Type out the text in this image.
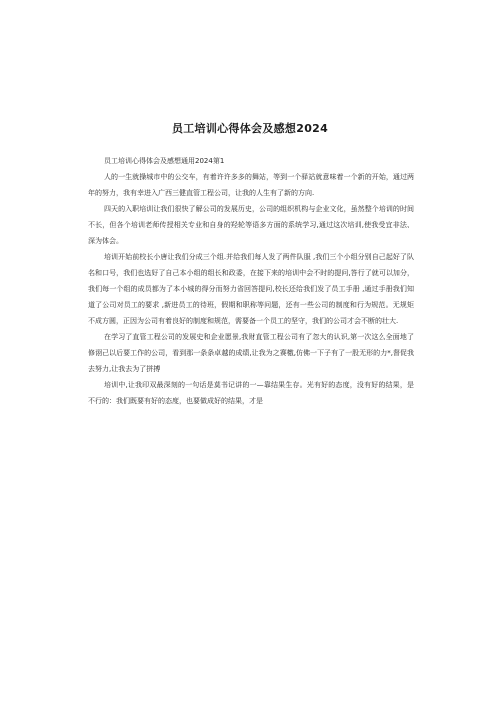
员工培训心得体会及感想2024

员工培训心得体会及感想通用2024第1

人的一生就操城市中的公交车，有着许许多多的舞站，等到一个驿站就意味着一个新的开始，通过两年的努力，我有幸进入广西三健直管工程公司，让我的人生有了新的方向.

四天的入职培训让我们很快了解公司的发展历史，公司的组织机构与企业文化，虽然整个培训的时间不长，但各个培训老师传授相关专业和自身的羟轮等语多方面的系统学习,通过这次培训,使我受宜非法、深为体会。

培训开始前校长小唐让我们分成三个组.并给我们每人发了两件队服 ,我们三个小组分别自己起好了队名和口号，我们也选好了自己本小组的组长和政委，在接下来的培训中会不时的提问,答行了就可以加分，我们每一个组的成员都为了本小城的得分而努力省回答提问,校长还给我们发了员工手册 ,通过手册我们知道了公司对员工的要求 ,新进员工的待班，假期和职称等问题，还有一些公司的制度和行为规范。无规矩不成方圆，正因为公司有着良好的制度和规范，需要备一个员工的坚守，我们的公司才会不断的壮大.

在学习了直管工程公司的发展史和企业愿景,我财直管工程公司有了忽大的认识,第一次这么全面地了修诩己以后要工作的公司，看到那一条条卓越的成绩,让我为之赛檄,仿佛一下子有了一股无形的力*,督促我去努力,让我去为了拼搏

培训中,让我印双最深刻的一句话是莫书记讲的一—靠结果生存。光有好的态度，没有好的结果，是不行的：我们既要有好的态度，也要做成好的结果，才是
